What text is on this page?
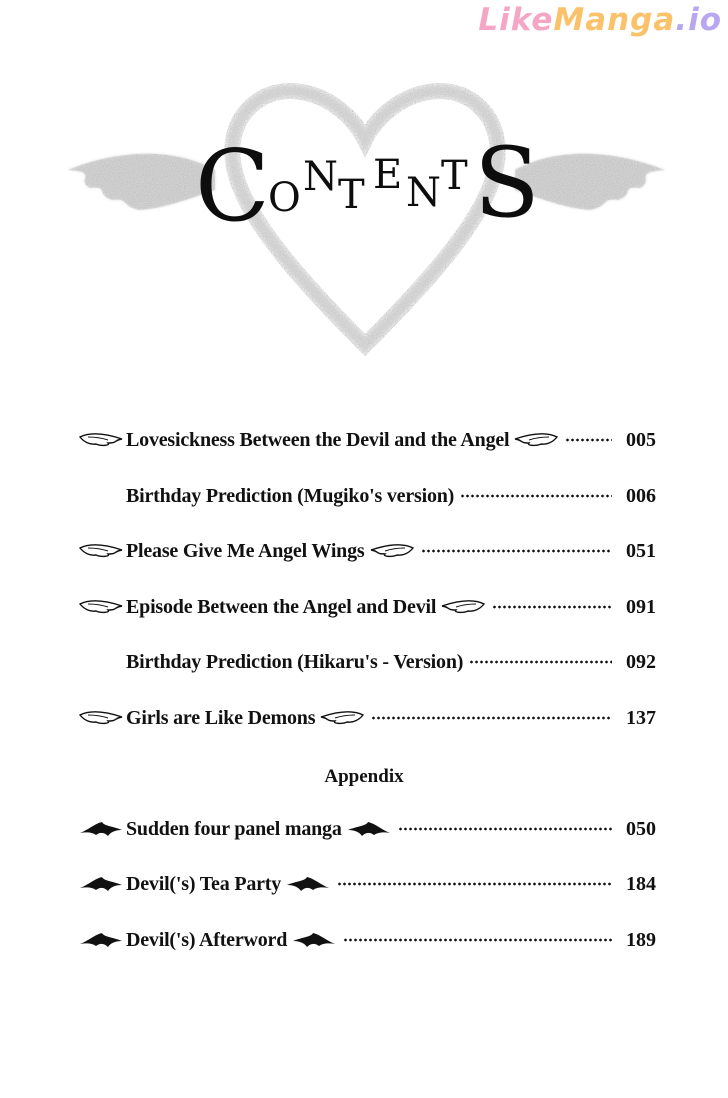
LikeManga.io
C
O N T E N T S
Lovesickness Between the Devil and the Angel	005
Birthday Prediction (Mugiko's version)	006
Please Give Me Angel Wings	051
Episode Between the Angel and Devil	091
Birthday Prediction (Hikaru's - Version)	092
Girls are Like Demons	137
Appendix
Sudden four panel manga	050
Devil('s) Tea Party	184
Devil('s) Afterword	189
